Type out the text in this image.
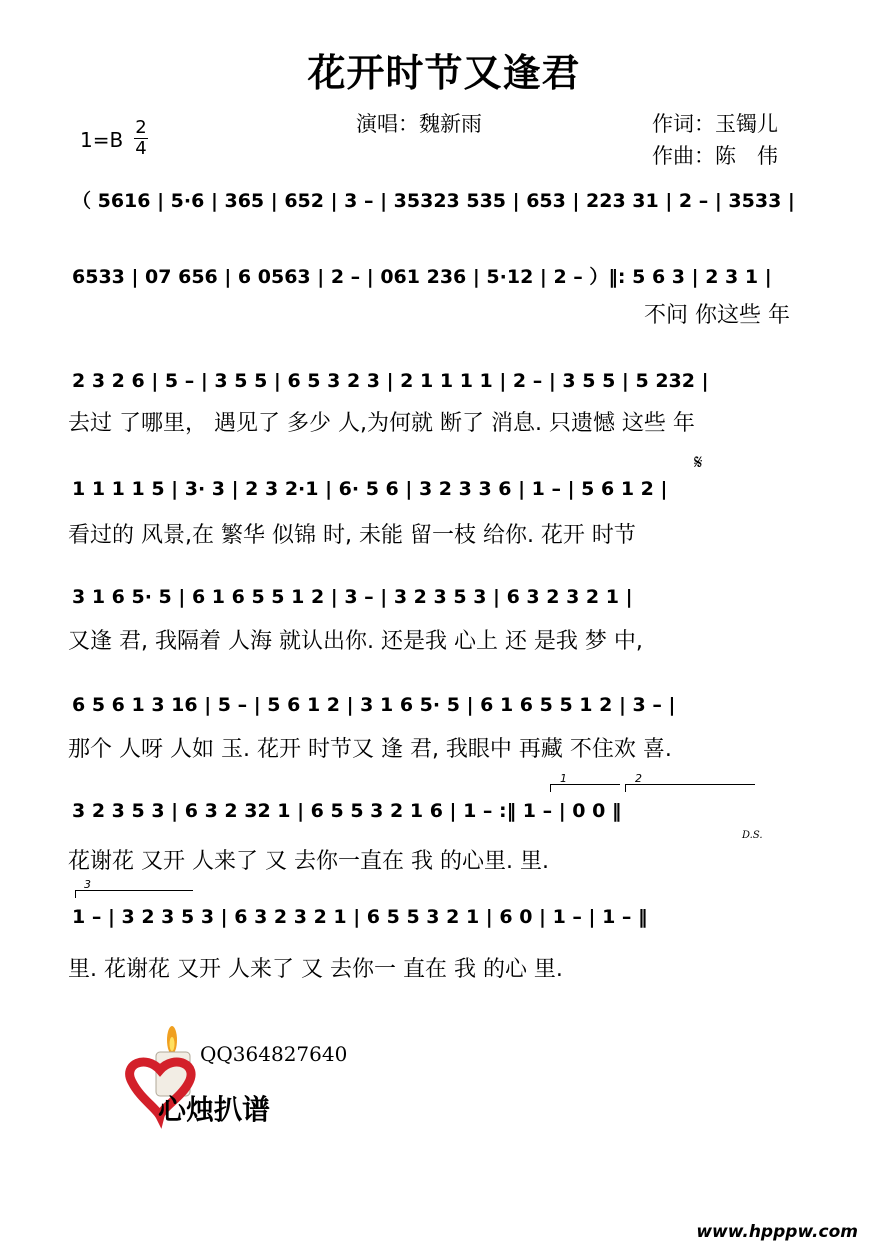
花开时节又逢君
1=B
2
4
演唱：魏新雨	作词：玉镯儿
作曲：陈　伟
（ 5616 | 5·6 | 365 | 652 | 3 – | 35323 535 | 653 | 223 31 | 2 – | 3533 |
6533 | 07 656 | 6 0563 | 2 – | 061 236 | 5·12 | 2 – ）‖: 5 6 3 | 2 3 1 |
不问 你这些 年
2 3 2 6 | 5 – | 3 5 5 | 6 5 3 2 3 | 2 1 1 1 1 | 2 – | 3 5 5 | 5 232 |
去过 了哪里， 遇见了 多少 人,为何就 断了 消息. 只遗憾 这些 年
𝄋
1 1 1 1 5 | 3· 3 | 2 3 2·1 | 6· 5 6 | 3 2 3 3 6 | 1 – | 5 6 1 2 |
看过的 风景,在 繁华 似锦 时, 未能 留一枝 给你. 花开 时节
3 1 6 5· 5 | 6 1 6 5 5 1 2 | 3 – | 3 2 3 5 3 | 6 3 2 3 2 1 |
又逢 君, 我隔着 人海 就认出你. 还是我 心上 还 是我 梦 中,
6 5 6 1 3 16 | 5 – | 5 6 1 2 | 3 1 6 5· 5 | 6 1 6 5 5 1 2 | 3 – |
那个 人呀 人如 玉. 花开 时节又 逢 君, 我眼中 再藏 不住欢 喜.
1	2
3 2 3 5 3 | 6 3 2 32 1 | 6 5 5 3 2 1 6 | 1 – :‖ 1 – | 0 0 ‖
D.S.
花谢花 又开 人来了 又 去你一直在 我 的心里. 里.
3
1 – | 3 2 3 5 3 | 6 3 2 3 2 1 | 6 5 5 3 2 1 | 6 0 | 1 – | 1 – ‖
里. 花谢花 又开 人来了 又 去你一 直在 我 的心 里.
QQ364827640
心烛扒谱
www.hpppw.com
